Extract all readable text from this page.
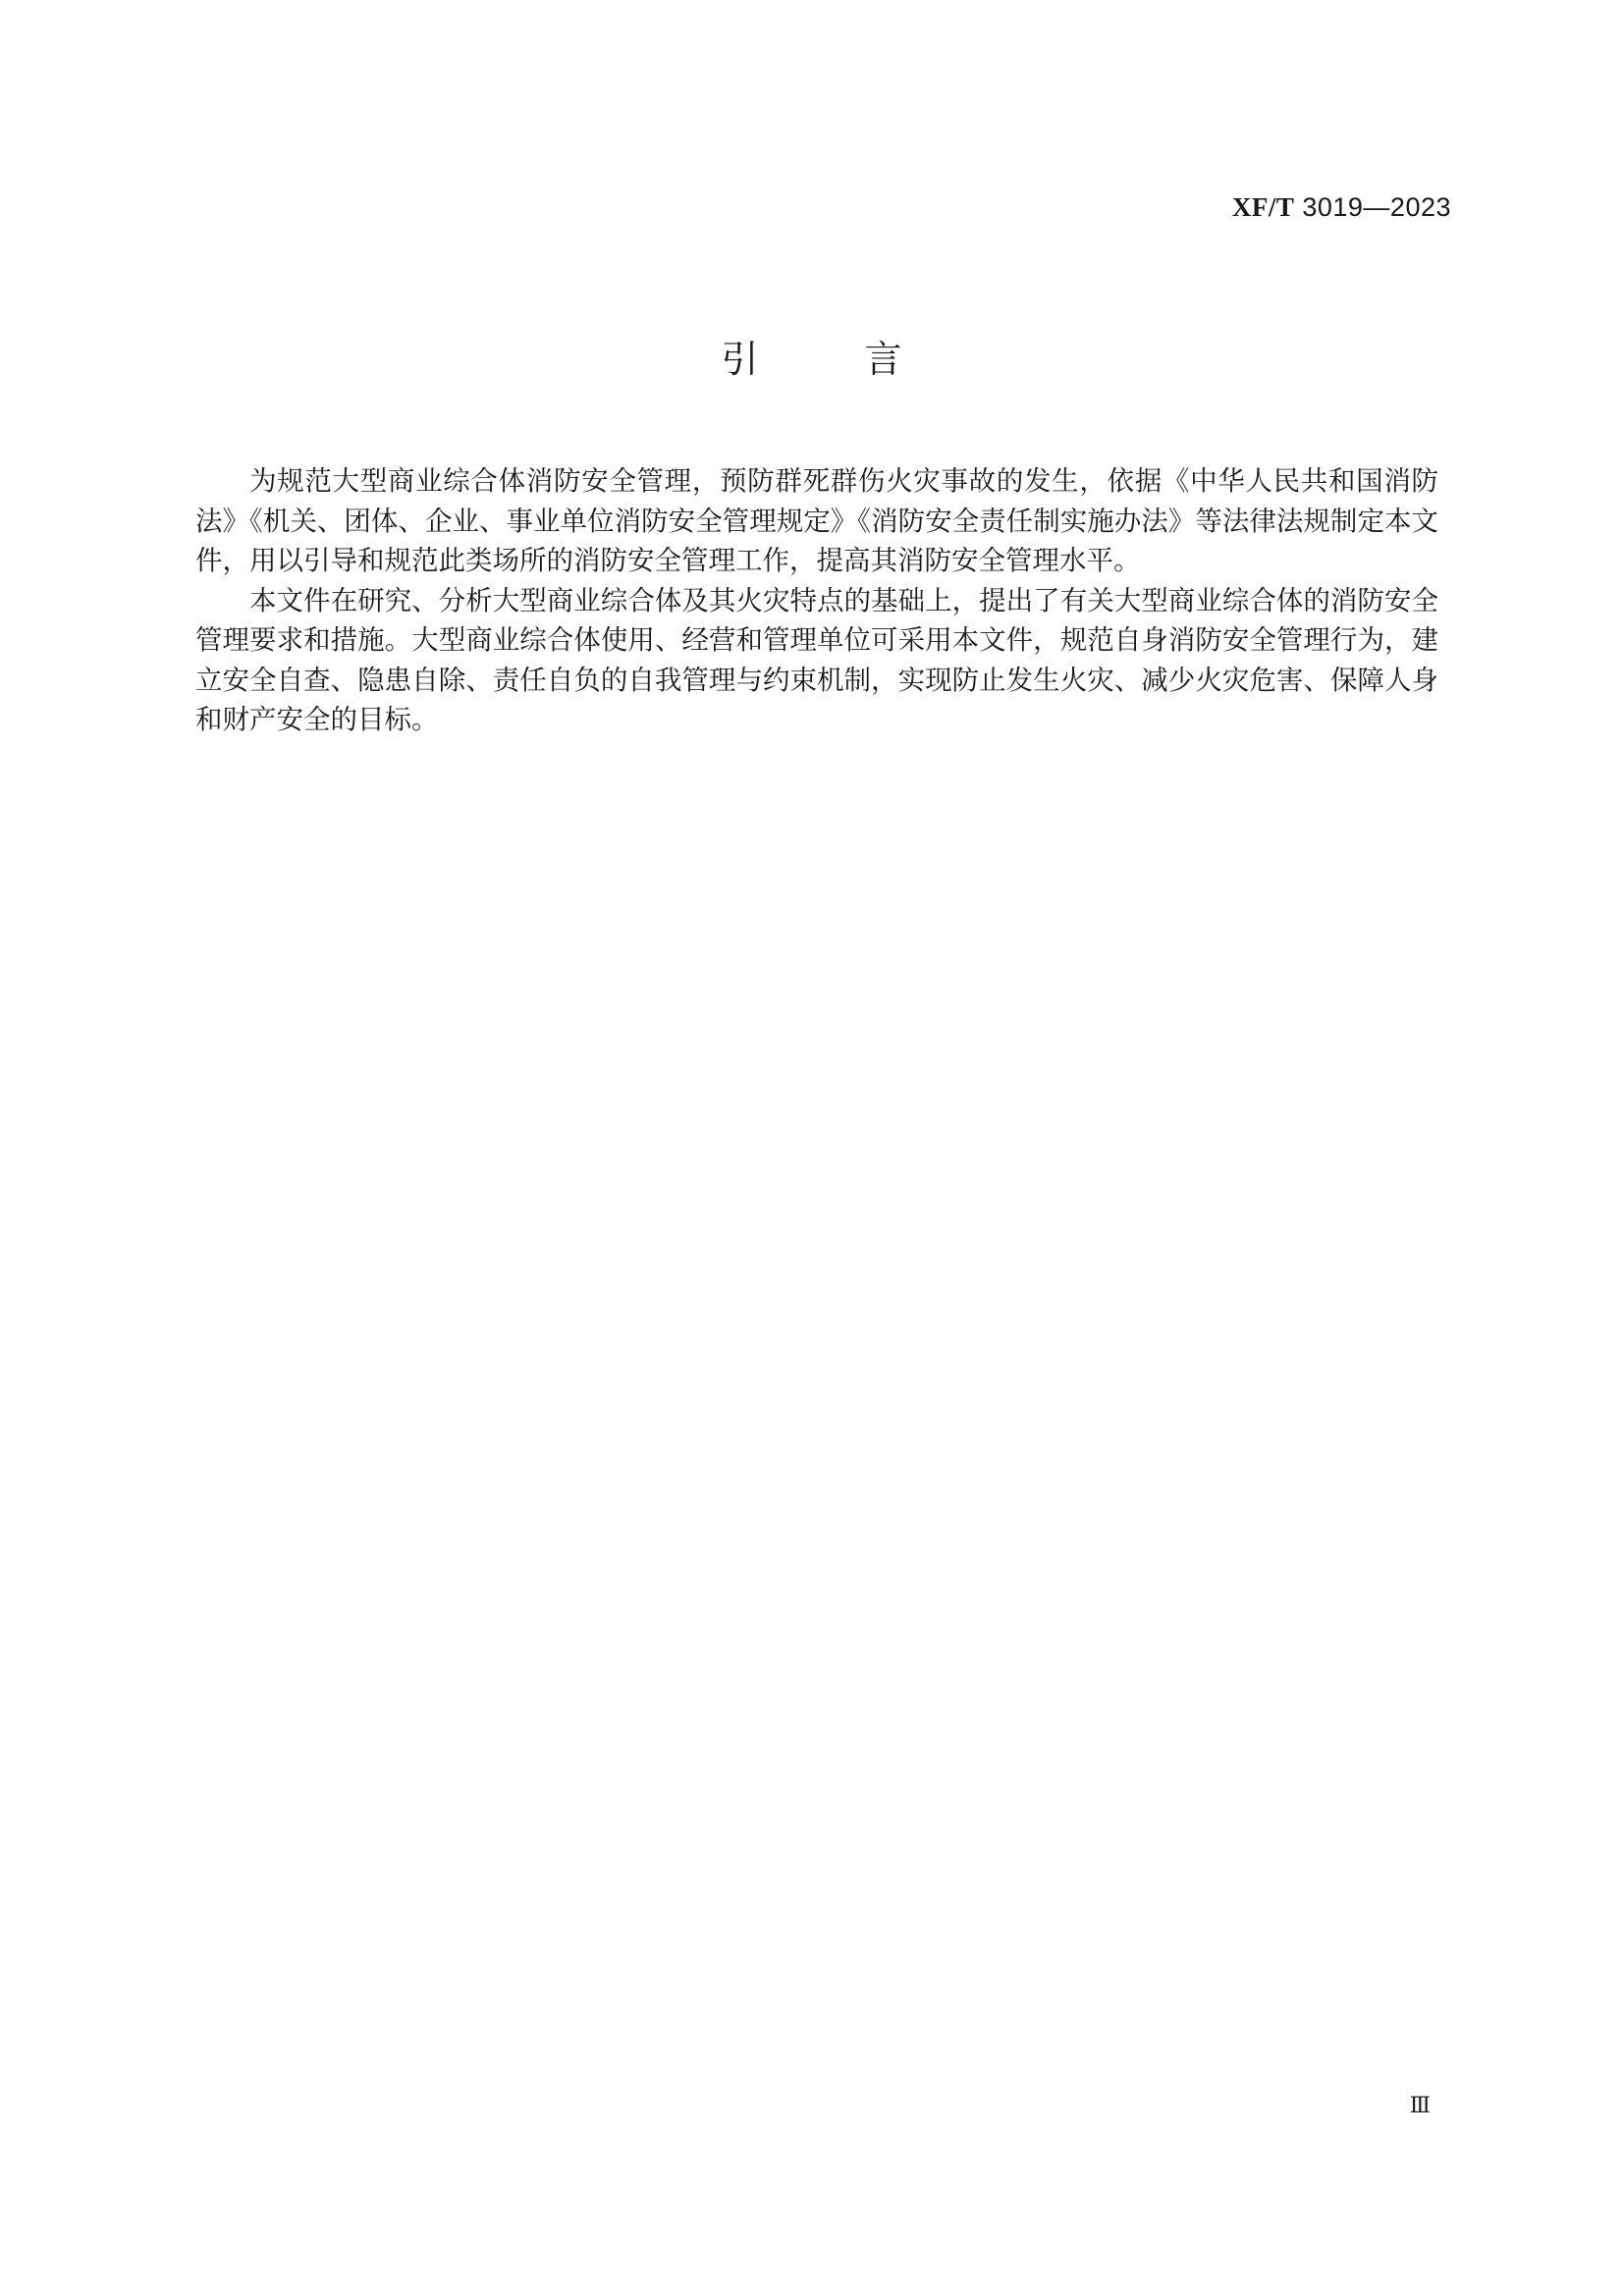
XF/T 3019—2023
引 言

为规范大型商业综合体消防安全管理，预防群死群伤火灾事故的发生，依据《中华人民共和国消防法》《机关、团体、企业、事业单位消防安全管理规定》《消防安全责任制实施办法》等法律法规制定本文件，用以引导和规范此类场所的消防安全管理工作，提高其消防安全管理水平。

本文件在研究、分析大型商业综合体及其火灾特点的基础上，提出了有关大型商业综合体的消防安全管理要求和措施。大型商业综合体使用、经营和管理单位可采用本文件，规范自身消防安全管理行为，建立安全自查、隐患自除、责任自负的自我管理与约束机制，实现防止发生火灾、减少火灾危害、保障人身和财产安全的目标。

Ⅲ
